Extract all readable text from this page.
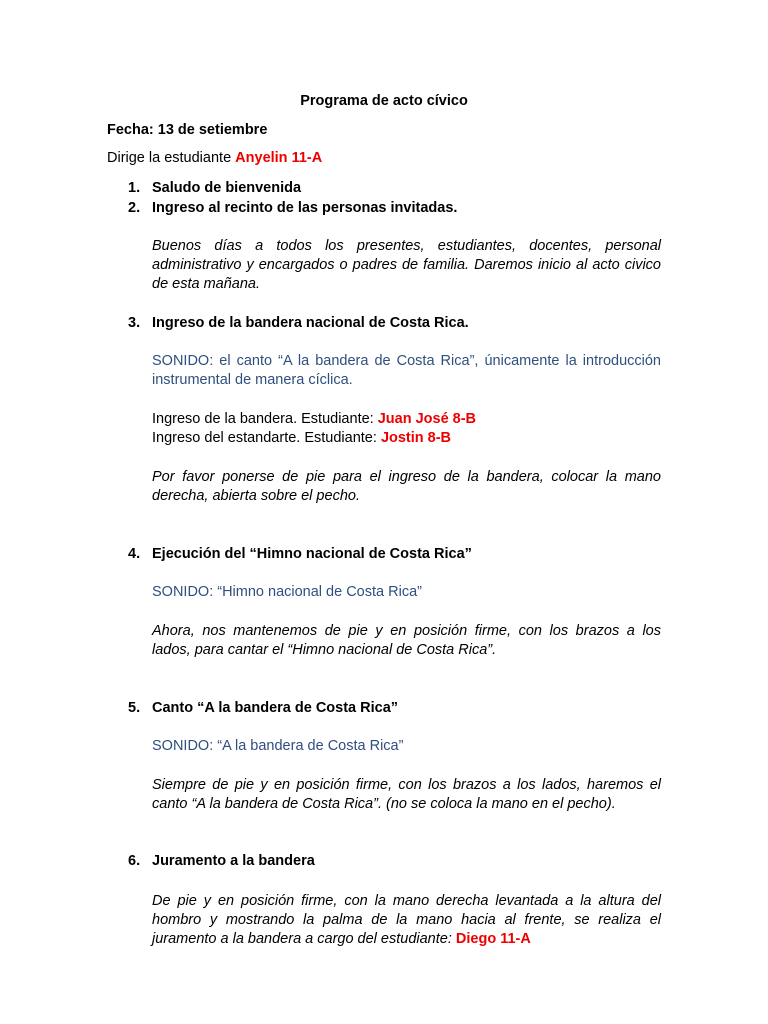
Programa de acto cívico
Fecha: 13 de setiembre
Dirige la estudiante Anyelin 11-A
1. Saludo de bienvenida
2. Ingreso al recinto de las personas invitadas.
Buenos días a todos los presentes, estudiantes, docentes, personal
administrativo y encargados o padres de familia. Daremos inicio al acto civico
de esta mañana.
3. Ingreso de la bandera nacional de Costa Rica.
SONIDO: el canto “A la bandera de Costa Rica”, únicamente la introducción
instrumental de manera cíclica.
Ingreso de la bandera. Estudiante: Juan José 8-B
Ingreso del estandarte. Estudiante: Jostin 8-B
Por favor ponerse de pie para el ingreso de la bandera, colocar la mano
derecha, abierta sobre el pecho.
4. Ejecución del “Himno nacional de Costa Rica”
SONIDO: “Himno nacional de Costa Rica”
Ahora, nos mantenemos de pie y en posición firme, con los brazos a los
lados, para cantar el “Himno nacional de Costa Rica”.
5. Canto “A la bandera de Costa Rica”
SONIDO: “A la bandera de Costa Rica”
Siempre de pie y en posición firme, con los brazos a los lados, haremos el
canto “A la bandera de Costa Rica”. (no se coloca la mano en el pecho).
6. Juramento a la bandera
De pie y en posición firme, con la mano derecha levantada a la altura del
hombro y mostrando la palma de la mano hacia al frente, se realiza el
juramento a la bandera a cargo del estudiante: Diego 11-A
